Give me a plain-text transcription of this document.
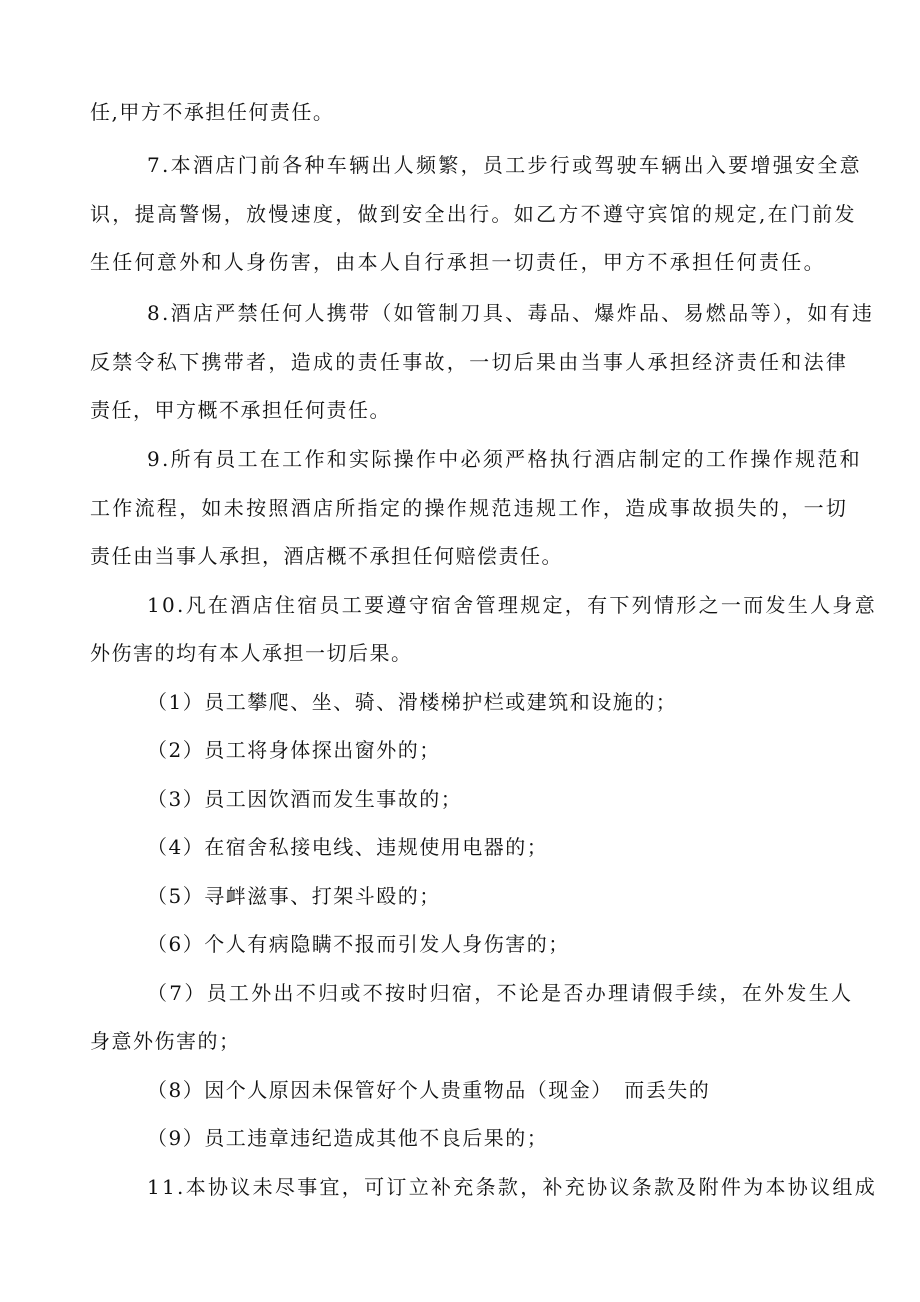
任,甲方不承担任何责任。
7.本酒店门前各种车辆出人频繁，员工步行或驾驶车辆出入要增强安全意
识，提高警惕，放慢速度，做到安全出行。如乙方不遵守宾馆的规定,在门前发
生任何意外和人身伤害，由本人自行承担一切责任，甲方不承担任何责任。
8.酒店严禁任何人携带（如管制刀具、毒品、爆炸品、易燃品等），如有违
反禁令私下携带者，造成的责任事故，一切后果由当事人承担经济责任和法律
责任，甲方概不承担任何责任。
9.所有员工在工作和实际操作中必须严格执行酒店制定的工作操作规范和
工作流程，如未按照酒店所指定的操作规范违规工作，造成事故损失的，一切
责任由当事人承担，酒店概不承担任何赔偿责任。
10.凡在酒店住宿员工要遵守宿舍管理规定，有下列情形之一而发生人身意
外伤害的均有本人承担一切后果。
（1）员工攀爬、坐、骑、滑楼梯护栏或建筑和设施的；
（2）员工将身体探出窗外的；
（3）员工因饮酒而发生事故的；
（4）在宿舍私接电线、违规使用电器的；
（5）寻衅滋事、打架斗殴的；
（6）个人有病隐瞒不报而引发人身伤害的；
（7）员工外出不归或不按时归宿，不论是否办理请假手续，在外发生人
身意外伤害的；
（8）因个人原因未保管好个人贵重物品（现金）　而丢失的
（9）员工违章违纪造成其他不良后果的；
11.本协议未尽事宜，可订立补充条款，补充协议条款及附件为本协议组成
